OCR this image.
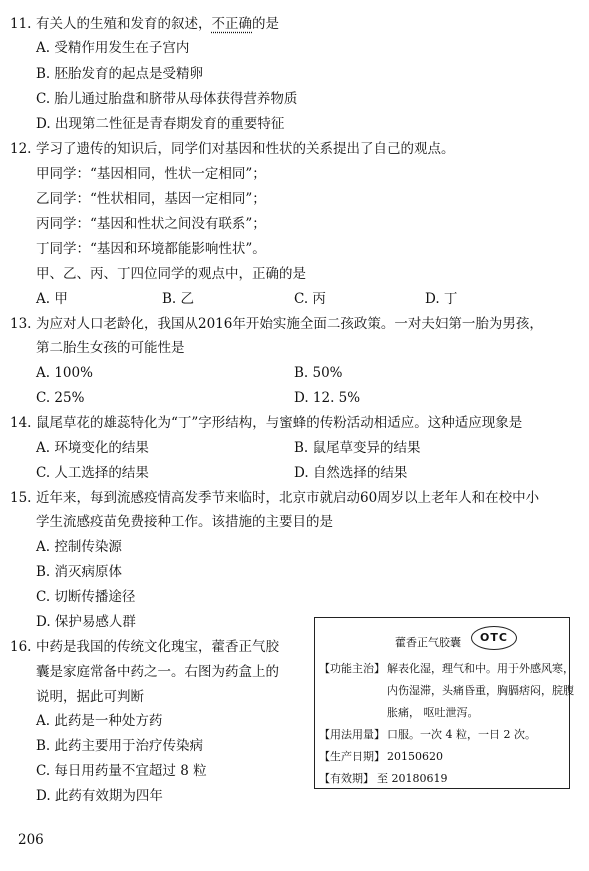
11. 有关人的生殖和发育的叙述，不正确的是
A. 受精作用发生在子宫内
B. 胚胎发育的起点是受精卵
C. 胎儿通过胎盘和脐带从母体获得营养物质
D. 出现第二性征是青春期发育的重要特征
12. 学习了遗传的知识后，同学们对基因和性状的关系提出了自己的观点。
甲同学：“基因相同，性状一定相同”；
乙同学：“性状相同，基因一定相同”；
丙同学：“基因和性状之间没有联系”；
丁同学：“基因和环境都能影响性状”。
甲、乙、丙、丁四位同学的观点中，正确的是
A. 甲	B. 乙	C. 丙	D. 丁
13. 为应对人口老龄化，我国从2016年开始实施全面二孩政策。一对夫妇第一胎为男孩，
第二胎生女孩的可能性是
A. 100%	B. 50%
C. 25%	D. 12. 5%
14. 鼠尾草花的雄蕊特化为“丁”字形结构，与蜜蜂的传粉活动相适应。这种适应现象是
A. 环境变化的结果	B. 鼠尾草变异的结果
C. 人工选择的结果	D. 自然选择的结果
15. 近年来，每到流感疫情高发季节来临时，北京市就启动60周岁以上老年人和在校中小
学生流感疫苗免费接种工作。该措施的主要目的是
A. 控制传染源
B. 消灭病原体
C. 切断传播途径
D. 保护易感人群
16. 中药是我国的传统文化瑰宝，藿香正气胶
囊是家庭常备中药之一。右图为药盒上的
说明，据此可判断
A. 此药是一种处方药
B. 此药主要用于治疗传染病
C. 每日用药量不宜超过 8 粒
D. 此药有效期为四年
藿香正气胶囊	OTC
【功能主治】 解表化湿，理气和中。用于外感风寒，
内伤湿滞，头痛昏重，胸膈痞闷，脘腹
胀痛， 呕吐泄泻。
【用法用量】 口服。一次 4 粒，一日 2 次。
【生产日期】 20150620
【有效期】 至 20180619
206
